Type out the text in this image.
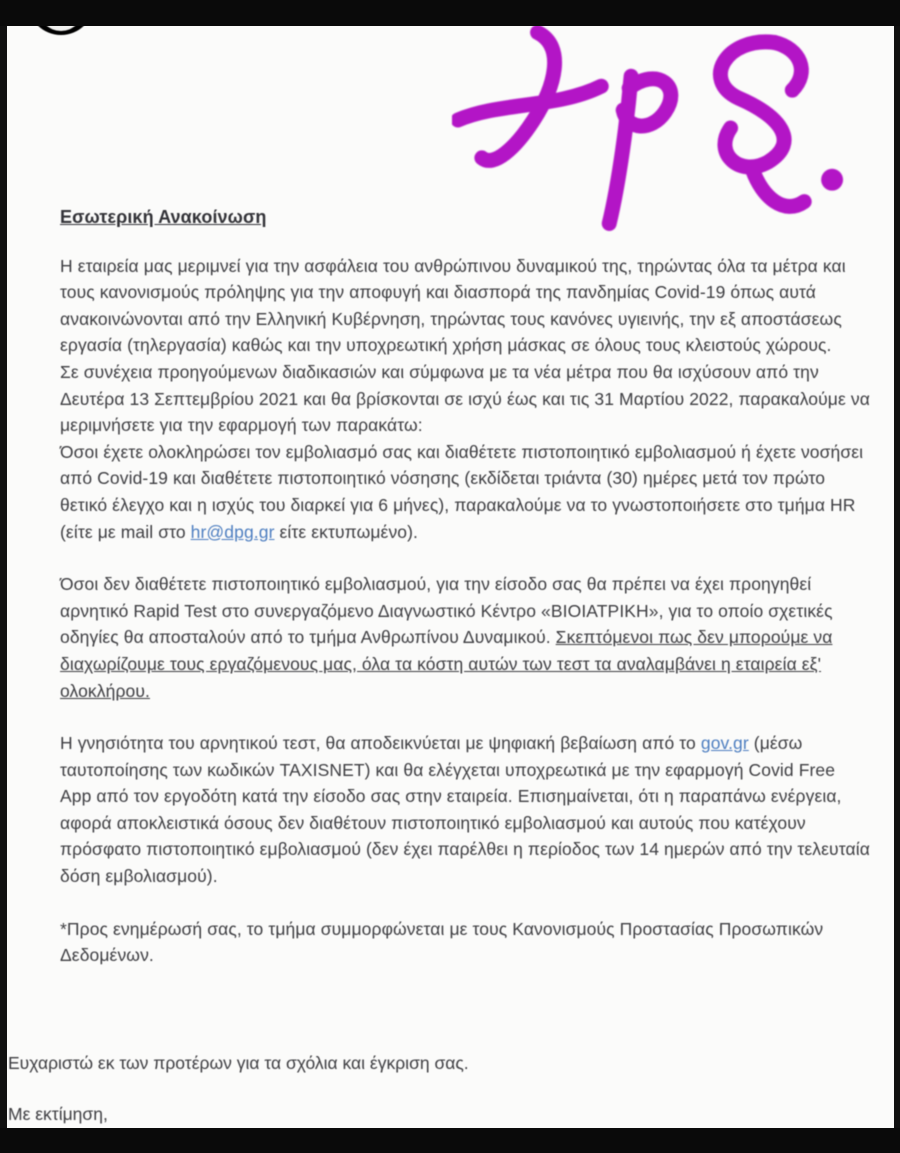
Εσωτερική Ανακοίνωση

Η εταιρεία μας μεριμνεί για την ασφάλεια του ανθρώπινου δυναμικού της, τηρώντας όλα τα μέτρα και τους κανονισμούς πρόληψης για την αποφυγή και διασπορά της πανδημίας Covid-19 όπως αυτά ανακοινώνονται από την Ελληνική Κυβέρνηση, τηρώντας τους κανόνες υγιεινής, την εξ αποστάσεως εργασία (τηλεργασία) καθώς και την υποχρεωτική χρήση μάσκας σε όλους τους κλειστούς χώρους.

Σε συνέχεια προηγούμενων διαδικασιών και σύμφωνα με τα νέα μέτρα που θα ισχύσουν από την Δευτέρα 13 Σεπτεμβρίου 2021 και θα βρίσκονται σε ισχύ έως και τις 31 Μαρτίου 2022, παρακαλούμε να μεριμνήσετε για την εφαρμογή των παρακάτω:

Όσοι έχετε ολοκληρώσει τον εμβολιασμό σας και διαθέτετε πιστοποιητικό εμβολιασμού ή έχετε νοσήσει από Covid-19 και διαθέτετε πιστοποιητικό νόσησης (εκδίδεται τριάντα (30) ημέρες μετά τον πρώτο θετικό έλεγχο και η ισχύς του διαρκεί για 6 μήνες), παρακαλούμε να το γνωστοποιήσετε στο τμήμα HR (είτε με mail στο hr@dpg.gr είτε εκτυπωμένο).

Όσοι δεν διαθέτετε πιστοποιητικό εμβολιασμού, για την είσοδο σας θα πρέπει να έχει προηγηθεί αρνητικό Rapid Test στο συνεργαζόμενο Διαγνωστικό Κέντρο «ΒΙΟΙΑΤΡΙΚΗ», για το οποίο σχετικές οδηγίες θα αποσταλούν από το τμήμα Ανθρωπίνου Δυναμικού. Σκεπτόμενοι πως δεν μπορούμε να διαχωρίζουμε τους εργαζόμενους μας, όλα τα κόστη αυτών των τεστ τα αναλαμβάνει η εταιρεία εξ' ολοκλήρου.

Η γνησιότητα του αρνητικού τεστ, θα αποδεικνύεται με ψηφιακή βεβαίωση από το gov.gr (μέσω ταυτοποίησης των κωδικών TAXISNET) και θα ελέγχεται υποχρεωτικά με την εφαρμογή Covid Free App από τον εργοδότη κατά την είσοδο σας στην εταιρεία. Επισημαίνεται, ότι η παραπάνω ενέργεια, αφορά αποκλειστικά όσους δεν διαθέτουν πιστοποιητικό εμβολιασμού και αυτούς που κατέχουν πρόσφατο πιστοποιητικό εμβολιασμού (δεν έχει παρέλθει η περίοδος των 14 ημερών από την τελευταία δόση εμβολιασμού).

*Προς ενημέρωσή σας, το τμήμα συμμορφώνεται με τους Κανονισμούς Προστασίας Προσωπικών Δεδομένων.

Ευχαριστώ εκ των προτέρων για τα σχόλια και έγκριση σας.

Με εκτίμηση,
